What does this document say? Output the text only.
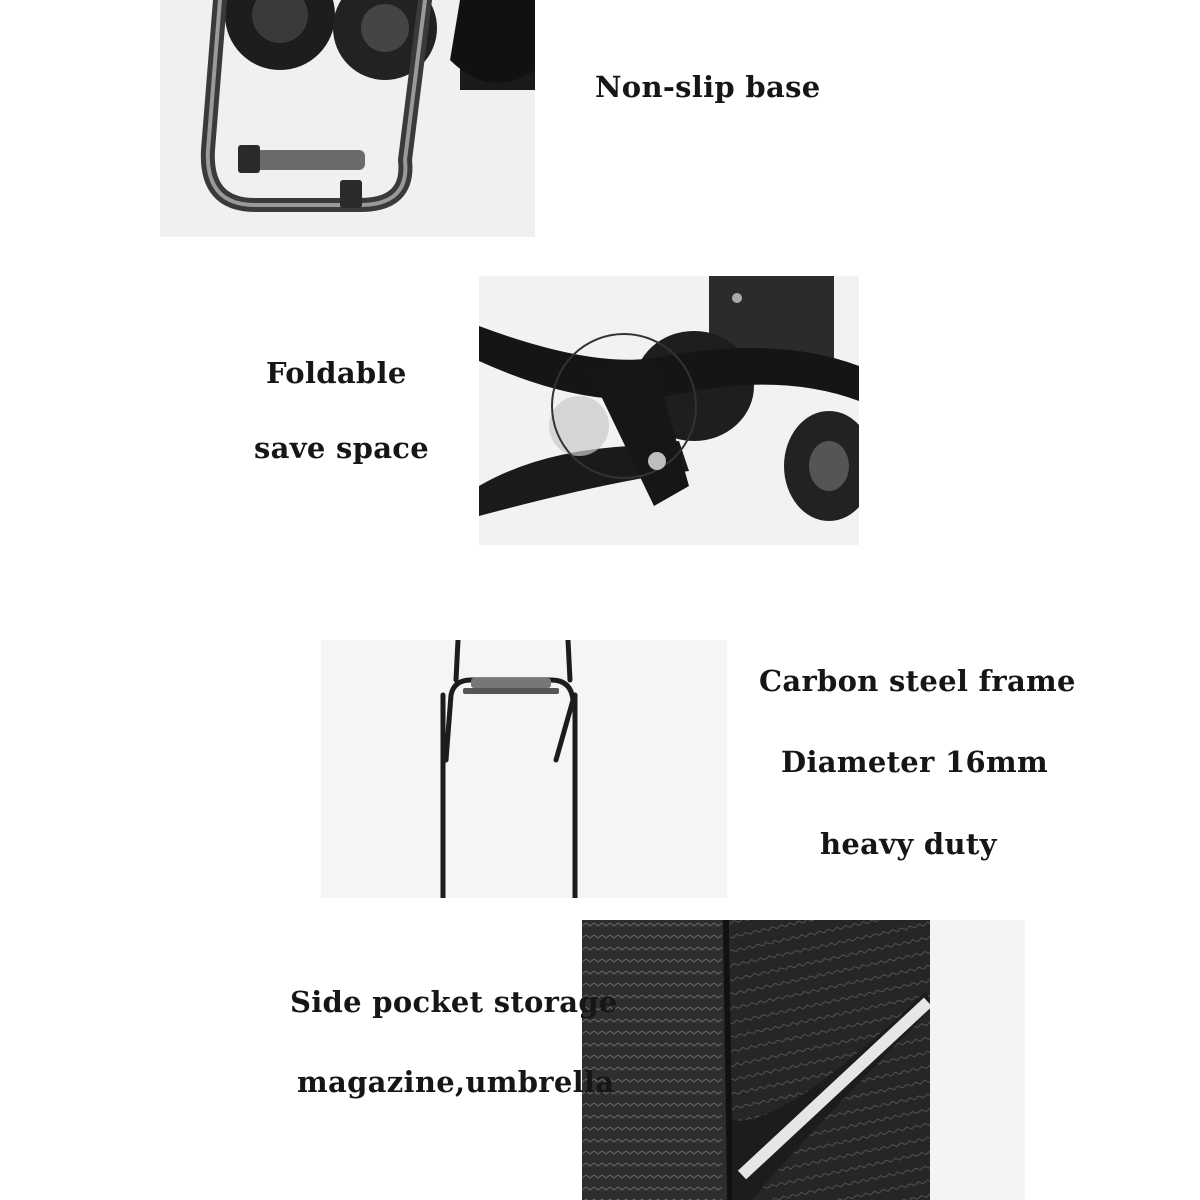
Non-slip base
Foldable
save space
Carbon steel frame
Diameter 16mm
heavy duty
Side pocket storage
magazine,umbrella
